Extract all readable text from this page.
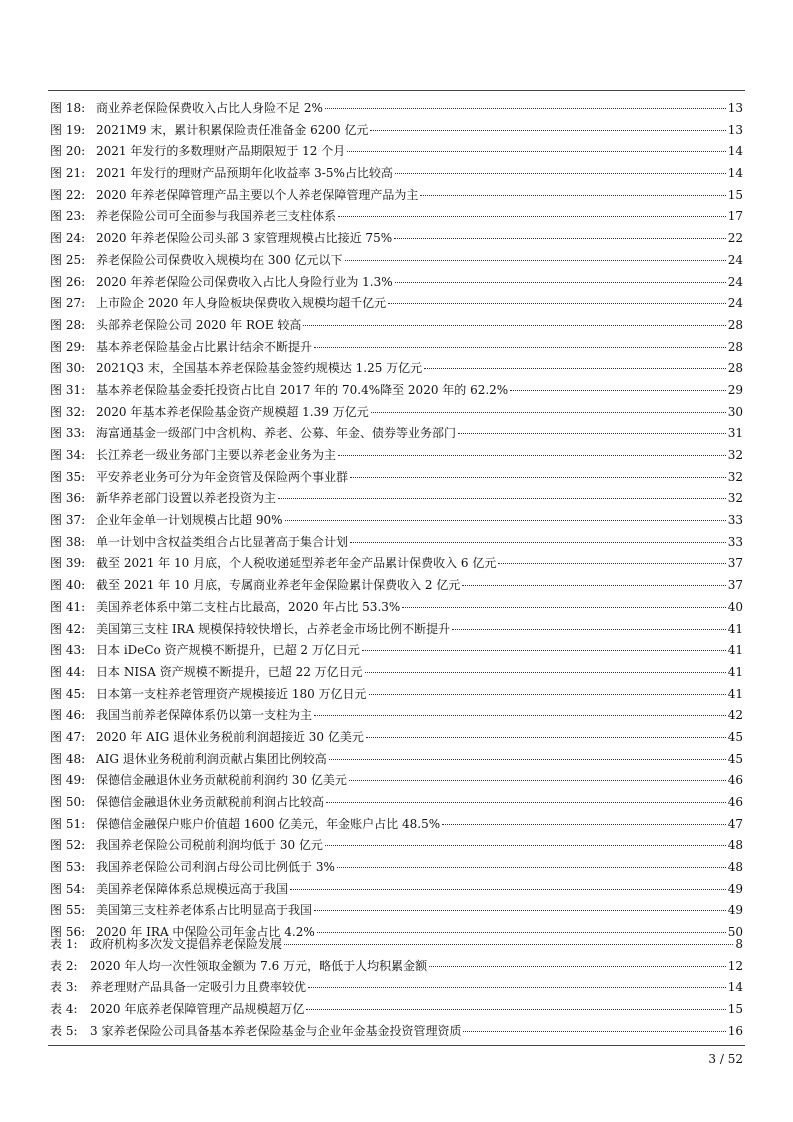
图 18: 商业养老保险保费收入占比人身险不足 2%	13
图 19: 2021M9 末，累计积累保险责任准备金 6200 亿元	13
图 20: 2021 年发行的多数理财产品期限短于 12 个月	14
图 21: 2021 年发行的理财产品预期年化收益率 3-5%占比较高	14
图 22: 2020 年养老保障管理产品主要以个人养老保障管理产品为主	15
图 23: 养老保险公司可全面参与我国养老三支柱体系	17
图 24: 2020 年养老保险公司头部 3 家管理规模占比接近 75%	22
图 25: 养老保险公司保费收入规模均在 300 亿元以下	24
图 26: 2020 年养老保险公司保费收入占比人身险行业为 1.3%	24
图 27: 上市险企 2020 年人身险板块保费收入规模均超千亿元	24
图 28: 头部养老保险公司 2020 年 ROE 较高	28
图 29: 基本养老保险基金占比累计结余不断提升	28
图 30: 2021Q3 末，全国基本养老保险基金签约规模达 1.25 万亿元	28
图 31: 基本养老保险基金委托投资占比自 2017 年的 70.4%降至 2020 年的 62.2%	29
图 32: 2020 年基本养老保险基金资产规模超 1.39 万亿元	30
图 33: 海富通基金一级部门中含机构、养老、公募、年金、债券等业务部门	31
图 34: 长江养老一级业务部门主要以养老金业务为主	32
图 35: 平安养老业务可分为年金资管及保险两个事业群	32
图 36: 新华养老部门设置以养老投资为主	32
图 37: 企业年金单一计划规模占比超 90%	33
图 38: 单一计划中含权益类组合占比显著高于集合计划	33
图 39: 截至 2021 年 10 月底，个人税收递延型养老年金产品累计保费收入 6 亿元	37
图 40: 截至 2021 年 10 月底，专属商业养老年金保险累计保费收入 2 亿元	37
图 41: 美国养老体系中第二支柱占比最高，2020 年占比 53.3%	40
图 42: 美国第三支柱 IRA 规模保持较快增长，占养老金市场比例不断提升	41
图 43: 日本 iDeCo 资产规模不断提升，已超 2 万亿日元	41
图 44: 日本 NISA 资产规模不断提升，已超 22 万亿日元	41
图 45: 日本第一支柱养老管理资产规模接近 180 万亿日元	41
图 46: 我国当前养老保障体系仍以第一支柱为主	42
图 47: 2020 年 AIG 退休业务税前利润超接近 30 亿美元	45
图 48: AIG 退休业务税前利润贡献占集团比例较高	45
图 49: 保德信金融退休业务贡献税前利润约 30 亿美元	46
图 50: 保德信金融退休业务贡献税前利润占比较高	46
图 51: 保德信金融保户账户价值超 1600 亿美元，年金账户占比 48.5%	47
图 52: 我国养老保险公司税前利润均低于 30 亿元	48
图 53: 我国养老保险公司利润占母公司比例低于 3%	48
图 54: 美国养老保障体系总规模远高于我国	49
图 55: 美国第三支柱养老体系占比明显高于我国	49
图 56: 2020 年 IRA 中保险公司年金占比 4.2%	50
表 1:	政府机构多次发文提倡养老保险发展	8
表 2:	2020 年人均一次性领取金额为 7.6 万元，略低于人均积累金额	12
表 3:	养老理财产品具备一定吸引力且费率较优	14
表 4:	2020 年底养老保障管理产品规模超万亿	15
表 5:	3 家养老保险公司具备基本养老保险基金与企业年金基金投资管理资质	16
3 / 52
